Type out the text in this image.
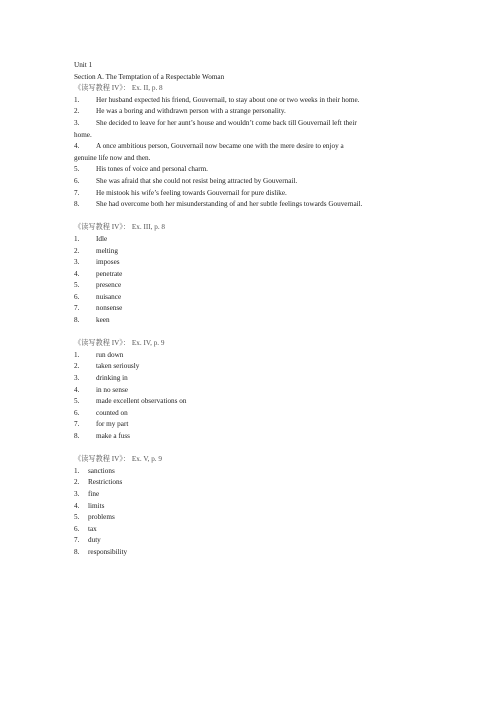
Unit 1
Section A. The Temptation of a Respectable Woman
《读写教程 IV》： Ex. II, p. 8
1.	Her husband expected his friend, Gouvernail, to stay about one or two weeks in their home.
2.	He was a boring and withdrawn person with a strange personality.
3.	She decided to leave for her aunt’s house and wouldn’t come back till Gouvernail left their
home.
4.	A once ambitious person, Gouvernail now became one with the mere desire to enjoy a
genuine life now and then.
5.	His tones of voice and personal charm.
6.	She was afraid that she could not resist being attracted by Gouvernail.
7.	He mistook his wife’s feeling towards Gouvernail for pure dislike.
8.	She had overcome both her misunderstanding of and her subtle feelings towards Gouvernail.
《读写教程 IV》： Ex. III, p. 8
1.	Idle
2.	melting
3.	imposes
4.	penetrate
5.	presence
6.	nuisance
7.	nonsense
8.	keen
《读写教程 IV》： Ex. IV, p. 9
1.	run down
2.	taken seriously
3.	drinking in
4.	in no sense
5.	made excellent observations on
6.	counted on
7.	for my part
8.	make a fuss
《读写教程 IV》： Ex. V, p. 9
1.	sanctions
2.	Restrictions
3.	fine
4.	limits
5.	problems
6.	tax
7.	duty
8.	responsibility
